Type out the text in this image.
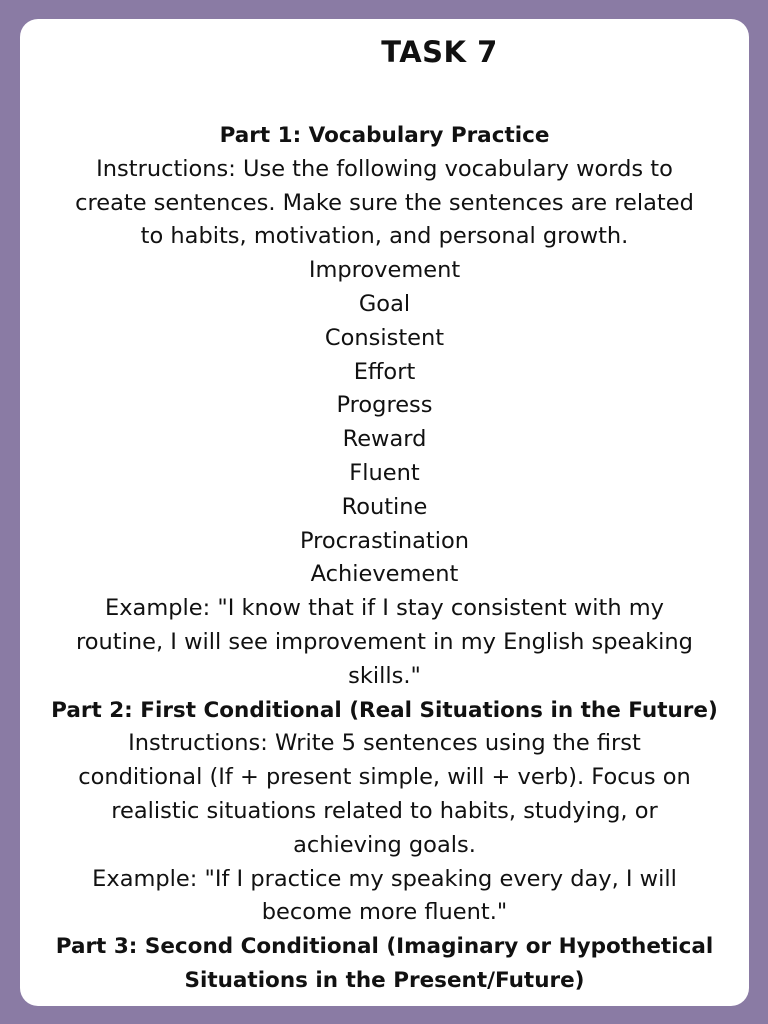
TASK 7

Part 1: Vocabulary Practice

Instructions: Use the following vocabulary words to

create sentences. Make sure the sentences are related

to habits, motivation, and personal growth.

Improvement

Goal

Consistent

Effort

Progress

Reward

Fluent

Routine

Procrastination

Achievement

Example: "I know that if I stay consistent with my

routine, I will see improvement in my English speaking

skills."

Part 2: First Conditional (Real Situations in the Future)

Instructions: Write 5 sentences using the first

conditional (If + present simple, will + verb). Focus on

realistic situations related to habits, studying, or

achieving goals.

Example: "If I practice my speaking every day, I will

become more fluent."

Part 3: Second Conditional (Imaginary or Hypothetical

Situations in the Present/Future)
